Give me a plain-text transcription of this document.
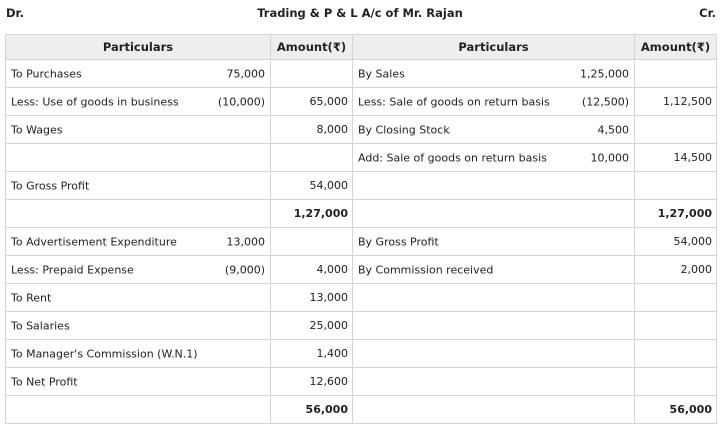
Dr.	Trading & P & L A/c of Mr. Rajan	Cr.
Particulars	Amount(₹)	Particulars	Amount(₹)

To Purchases 75,000		By Sales 1,25,000	

Less: Use of goods in business (10,000)	65,000	Less: Sale of goods on return basis (12,500)	1,12,500

To Wages	8,000	By Closing Stock 4,500	

		Add: Sale of goods on return basis 10,000	14,500

To Gross Profit	54,000	

	1,27,000		1,27,000

To Advertisement Expenditure 13,000		By Gross Profit	54,000

Less: Prepaid Expense (9,000)	4,000	By Commission received	2,000

To Rent	13,000	

To Salaries	25,000	

To Manager's Commission (W.N.1)	1,400	

To Net Profit	12,600	

	56,000		56,000
